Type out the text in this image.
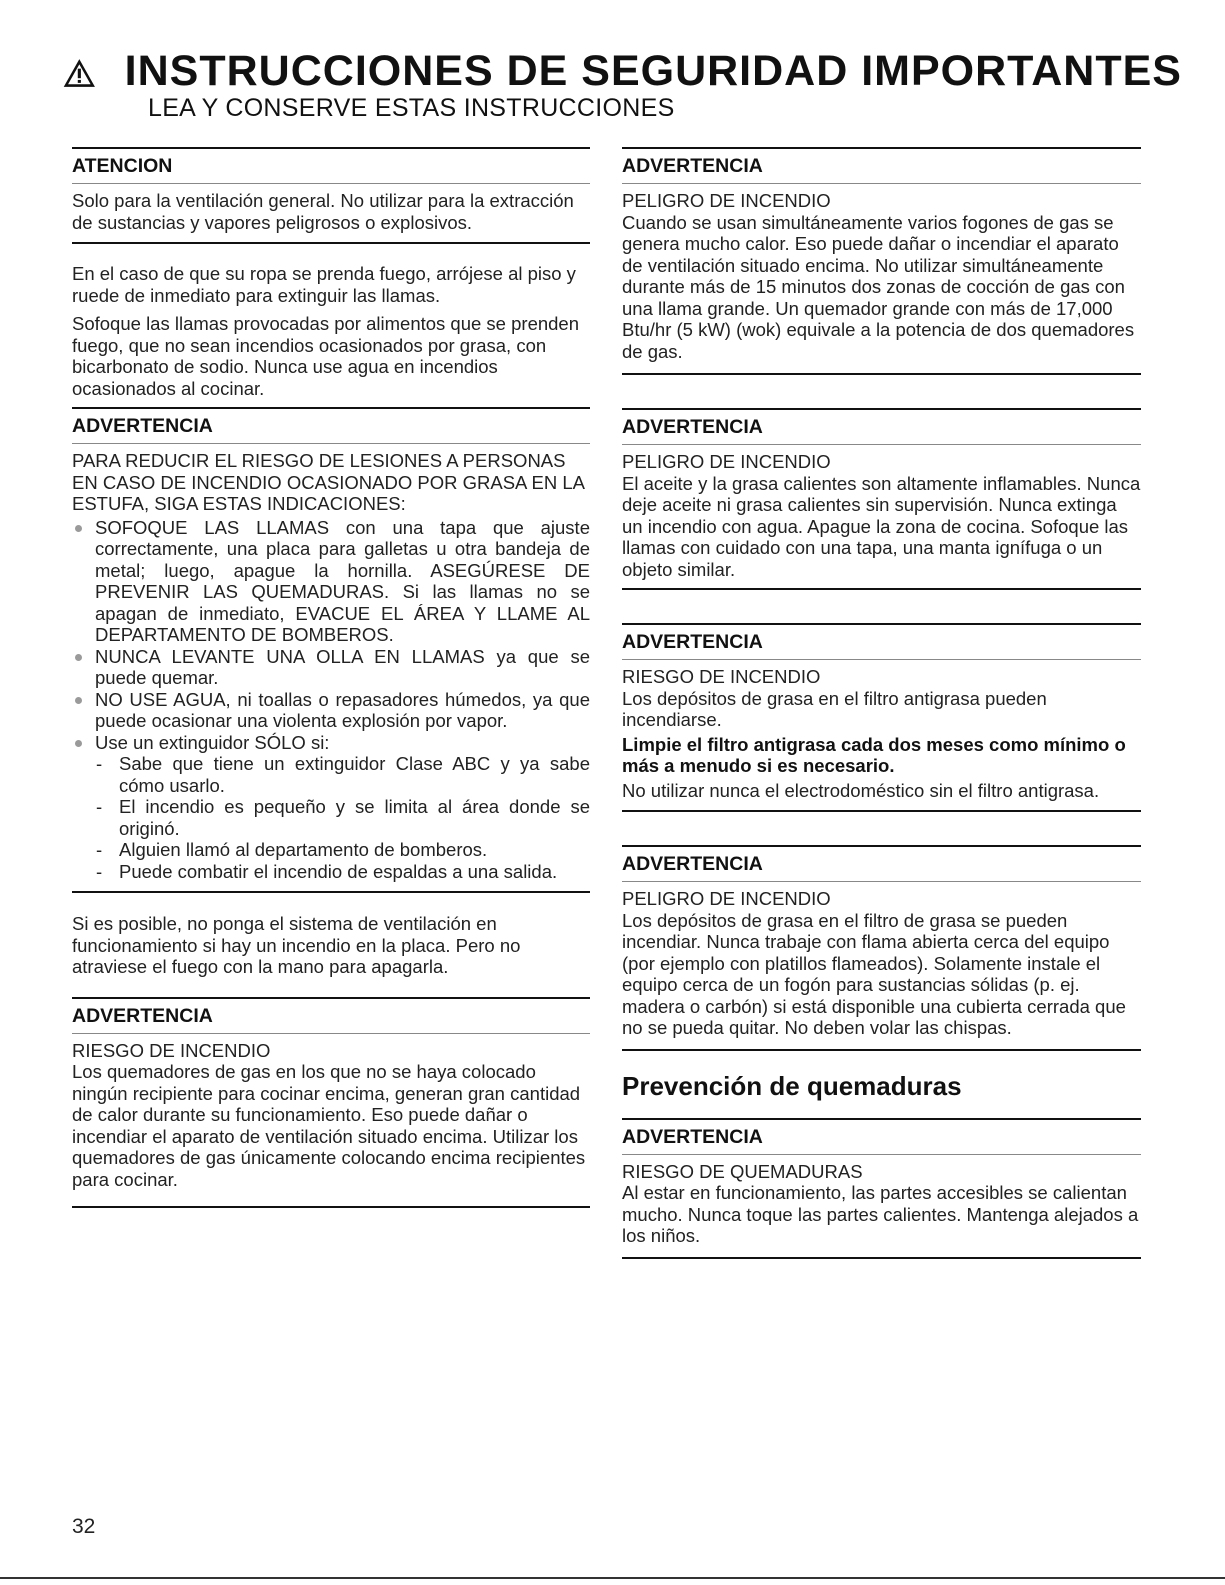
INSTRUCCIONES DE SEGURIDAD IMPORTANTES
LEA Y CONSERVE ESTAS INSTRUCCIONES
ATENCION

Solo para la ventilación general. No utilizar para la extracción de sustancias y vapores peligrosos o explosivos.

En el caso de que su ropa se prenda fuego, arrójese al piso y ruede de inmediato para extinguir las llamas.

Sofoque las llamas provocadas por alimentos que se prenden fuego, que no sean incendios ocasionados por grasa, con bicarbonato de sodio. Nunca use agua en incendios ocasionados al cocinar.

ADVERTENCIA

PARA REDUCIR EL RIESGO DE LESIONES A PERSONAS EN CASO DE INCENDIO OCASIONADO POR GRASA EN LA ESTUFA, SIGA ESTAS INDICACIONES:

SOFOQUE LAS LLAMAS con una tapa que ajuste correctamente, una placa para galletas u otra bandeja de metal; luego, apague la hornilla. ASEGÚRESE DE PREVENIR LAS QUEMADURAS. Si las llamas no se apagan de inmediato, EVACUE EL ÁREA Y LLAME AL DEPARTAMENTO DE BOMBEROS.
NUNCA LEVANTE UNA OLLA EN LLAMAS ya que se puede quemar.
NO USE AGUA, ni toallas o repasadores húmedos, ya que puede ocasionar una violenta explosión por vapor.
Use un extinguidor SÓLO si:
- Sabe que tiene un extinguidor Clase ABC y ya sabe cómo usarlo.
- El incendio es pequeño y se limita al área donde se originó.
- Alguien llamó al departamento de bomberos.
- Puede combatir el incendio de espaldas a una salida.

Si es posible, no ponga el sistema de ventilación en funcionamiento si hay un incendio en la placa. Pero no atraviese el fuego con la mano para apagarla.

ADVERTENCIA

RIESGO DE INCENDIO

Los quemadores de gas en los que no se haya colocado ningún recipiente para cocinar encima, generan gran cantidad de calor durante su funcionamiento. Eso puede dañar o incendiar el aparato de ventilación situado encima. Utilizar los quemadores de gas únicamente colocando encima recipientes para cocinar.

ADVERTENCIA

PELIGRO DE INCENDIO

Cuando se usan simultáneamente varios fogones de gas se genera mucho calor. Eso puede dañar o incendiar el aparato de ventilación situado encima. No utilizar simultáneamente durante más de 15 minutos dos zonas de cocción de gas con una llama grande. Un quemador grande con más de 17,000 Btu/hr (5 kW) (wok) equivale a la potencia de dos quemadores de gas.

ADVERTENCIA

PELIGRO DE INCENDIO

El aceite y la grasa calientes son altamente inflamables. Nunca deje aceite ni grasa calientes sin supervisión. Nunca extinga un incendio con agua. Apague la zona de cocina. Sofoque las llamas con cuidado con una tapa, una manta ignífuga o un objeto similar.

ADVERTENCIA

RIESGO DE INCENDIO

Los depósitos de grasa en el filtro antigrasa pueden incendiarse.

Limpie el filtro antigrasa cada dos meses como mínimo o más a menudo si es necesario.

No utilizar nunca el electrodoméstico sin el filtro antigrasa.

ADVERTENCIA

PELIGRO DE INCENDIO

Los depósitos de grasa en el filtro de grasa se pueden incendiar. Nunca trabaje con flama abierta cerca del equipo (por ejemplo con platillos flameados). Solamente instale el equipo cerca de un fogón para sustancias sólidas (p. ej. madera o carbón) si está disponible una cubierta cerrada que no se pueda quitar. No deben volar las chispas.

Prevención de quemaduras
ADVERTENCIA

RIESGO DE QUEMADURAS

Al estar en funcionamiento, las partes accesibles se calientan mucho. Nunca toque las partes calientes. Mantenga alejados a los niños.

32
